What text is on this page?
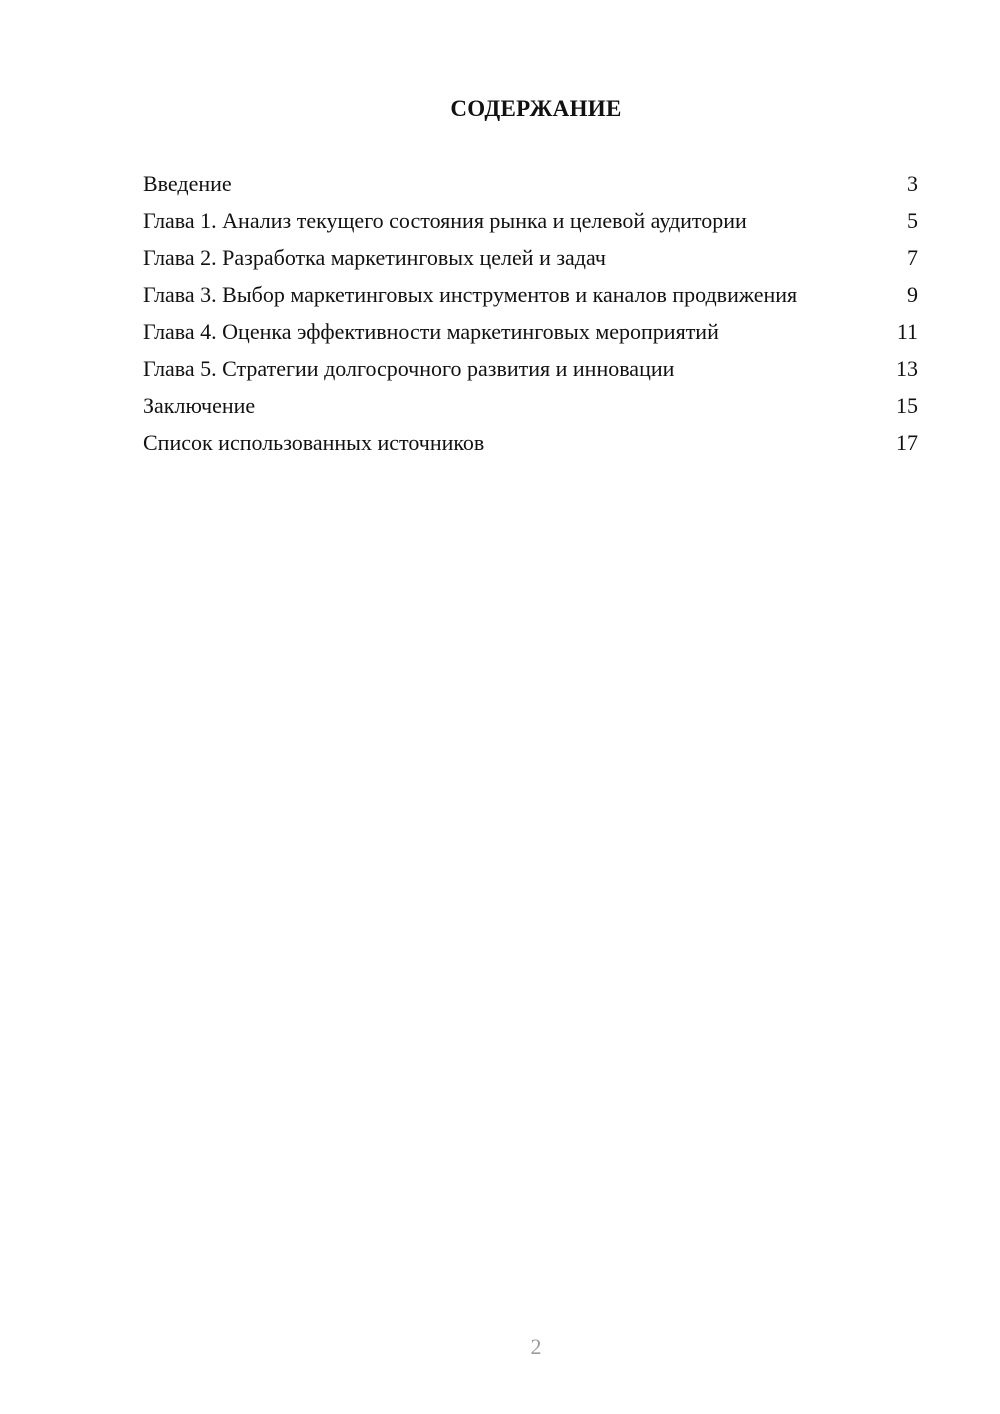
СОДЕРЖАНИЕ
Введение	3
Глава 1. Анализ текущего состояния рынка и целевой аудитории	5
Глава 2. Разработка маркетинговых целей и задач	7
Глава 3. Выбор маркетинговых инструментов и каналов продвижения	9
Глава 4. Оценка эффективности маркетинговых мероприятий	11
Глава 5. Стратегии долгосрочного развития и инновации	13
Заключение	15
Список использованных источников	17
2
